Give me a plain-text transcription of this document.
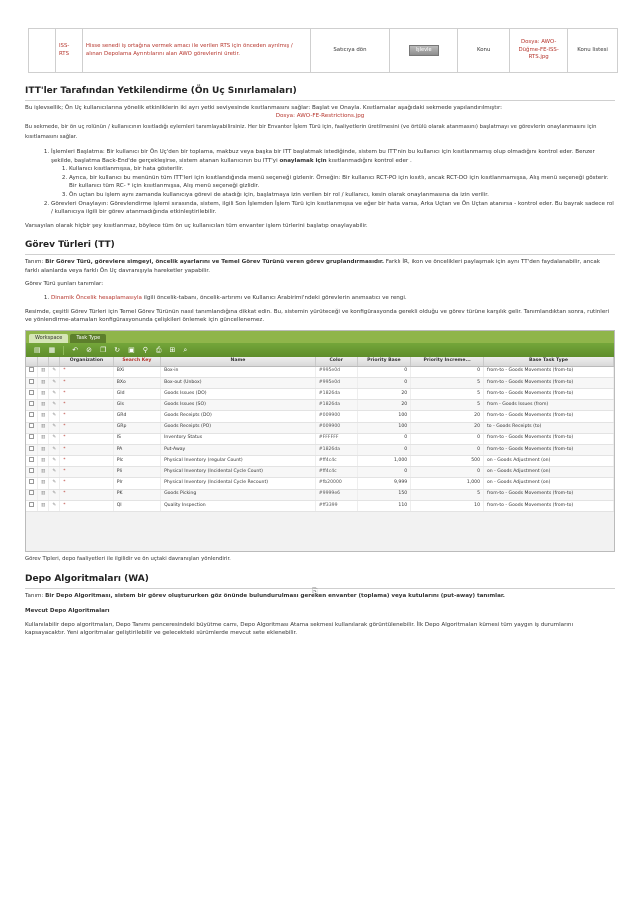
	ISS-RTS	Hisse senedi iş ortağına vermek amacı ile verilen RTS için önceden ayrılmış / alınan Depolama Ayrıntılarını alan AWO görevlerini üretir.	Satıcıya dön	Işlevle	Konu	Dosya: AWO-Düğme-FE-ISS-RTS.jpg	Konu listesi
ITT'ler Tarafından Yetkilendirme (Ön Uç Sınırlamaları)

Bu işlevsellik; Ön Uç kullanıcılarına yönelik etkinliklerin iki ayrı yetki seviyesinde kısıtlanmasını sağlar: Başlat ve Onayla. Kısıtlamalar aşağıdaki sekmede yapılandırılmıştır:

Dosya: AWO-FE-Restrictions.jpg

Bu sekmede, bir ön uç rolünün / kullanıcının kısıtladığı eylemleri tanımlayabilirsiniz. Her bir Envanter İşlem Türü için, faaliyetlerin üretilmesini (ve örtülü olarak atanmasını) başlatmayı ve görevlerin onaylanmasını için kısıtlamasını sağlar.

1. İşlemleri Başlatma: Bir kullanıcı bir Ön Uç'den bir toplama, makbuz veya başka bir ITT başlatmak istediğinde, sistem bu ITT'nin bu kullanıcı için kısıtlanmamış olup olmadığını kontrol eder. Benzer şekilde, başlatma Back-End'de gerçekleşirse, sistem atanan kullanıcının bu ITT'yi onaylamak için kısıtlanmadığını kontrol eder .
1. Kullanıcı kısıtlanmışsa, bir hata gösterilir.
2. Ayrıca, bir kullanıcı bu menünün tüm ITT'leri için kısıtlandığında menü seçeneği gizlenir. Örneğin: Bir kullanıcı RCT-PO için kısıtlı, ancak RCT-DO için kısıtlanmamışsa, Alış menü seçeneği gösterir. Bir kullanıcı tüm RC- * için kısıtlanmışsa, Alış menü seçeneği gizlidir.
3. Ön uçtan bu işlem aynı zamanda kullanıcıya görevi de atadığı için, başlatmaya izin verilen bir rol / kullanıcı, kesin olarak onaylanmasına da izin verilir.
2. Görevleri Onaylayın: Görevlendirme işlemi sırasında, sistem, ilgili Son İşlemden İşlem Türü için kısıtlanmışsa ve eğer bir hata varsa, Arka Uçtan ve Ön Uçtan atanırsa - kontrol eder. Bu bayrak sadece rol / kullanıcıya ilgili bir görev atanmadığında etkinleştirilebilir.

Varsayılan olarak hiçbir şey kısıtlanmaz, böylece tüm ön uç kullanıcıları tüm envanter işlem türlerini başlatıp onaylayabilir.

Görev Türleri (TT)

Tanım: Bir Görev Türü, görevlere simgeyi, öncelik ayarlarını ve Temel Görev Türünü veren görev gruplandırmasıdır. Farklı İR, ikon ve öncelikleri paylaşmak için aynı TT'den faydalanabilir, ancak farklı alanlarda veya farklı Ön Uç davranışıyla hareketler yapabilir.

Görev Türü şunları tanımlar:

1. Dinamik Öncelik hesaplamasıyla ilgili öncelik-tabanı, öncelik-artırımı ve Kullanıcı Arabirimi'ndeki görevlerin anımsatıcı ve rengi.

Resimde, çeşitli Görev Türleri için Temel Görev Türünün nasıl tanımlandığına dikkat edin. Bu, sistemin yürüteceği ve konfigürasyonda gerekli olduğu ve görev türüne karşılık gelir. Tanımlandıktan sonra, rutinleri ve yönlendirme-atamaları konfigürasyonunda çelişkileri önlemek için güncellenemez.

Workspace	Task Type
▤ ▦ ↶ ⊘ ❐ ↻ ▣ ⚲ ⎙ ⊞ ⌕
			Organization	Search Key	Name	Color	Priority Base	Priority Increme...	Base Task Type
	▥	✎	*	BXi	Box-in	#995e0d	0	0	from-to - Goods Movements (from-to)
	▥	✎	*	BXo	Box-out (Unbox)	#995e0d	0	5	from-to - Goods Movements (from-to)
	▥	✎	*	GId	Goods Issues (DO)	#1826da	20	5	from-to - Goods Movements (from-to)
	▥	✎	*	GIs	Goods Issues (SO)	#1826da	20	5	from - Goods Issues (from)
	▥	✎	*	GRd	Goods Receipts (DO)	#009900	100	20	from-to - Goods Movements (from-to)
	▥	✎	*	GRp	Goods Receipts (PO)	#009900	100	20	to - Goods Receipts (to)
	▥	✎	*	IS	Inventory Status	#FFFFFF	0	0	from-to - Goods Movements (from-to)
	▥	✎	*	PA	Put-Away	#1826da	0	0	from-to - Goods Movements (from-to)
	▥	✎	*	PIc	Physical Inventory (regular Count)	#ff4c4c	1,000	500	on - Goods Adjustment (on)
	▥	✎	*	PIi	Physical Inventory (Incidental Cycle Count)	#ff4c4c	0	0	on - Goods Adjustment (on)
	▥	✎	*	PIr	Physical Inventory (Incidental Cycle Recount)	#fb20000	9,999	1,000	on - Goods Adjustment (on)
	▥	✎	*	PK	Goods Picking	#9999e6	150	5	from-to - Goods Movements (from-to)
	▥	✎	*	QI	Quality Inspection	#ff3399	110	10	from-to - Goods Movements (from-to)

Görev Tipleri, depo faaliyetleri ile ilgilidir ve ön uçtaki davranışları yönlendirir.

Depo Algoritmaları (WA)

Tanım: Bir Depo Algoritması, sistem bir görev oluştururken göz önünde bulundurulması gereken envanter (toplama) veya kutularını (put-away) tanımlar.

Mevcut Depo Algoritmaları

Kullanılabilir depo algoritmaları, Depo Tanımı penceresindeki büyütme camı, Depo Algoritması Atama sekmesi kullanılarak görüntülenebilir. İlk Depo Algoritmaları kümesi tüm yaygın iş durumlarını kapsayacaktır. Yeni algoritmalar geliştirilebilir ve gelecekteki sürümlerde mevcut sete eklenebilir.

⎘
